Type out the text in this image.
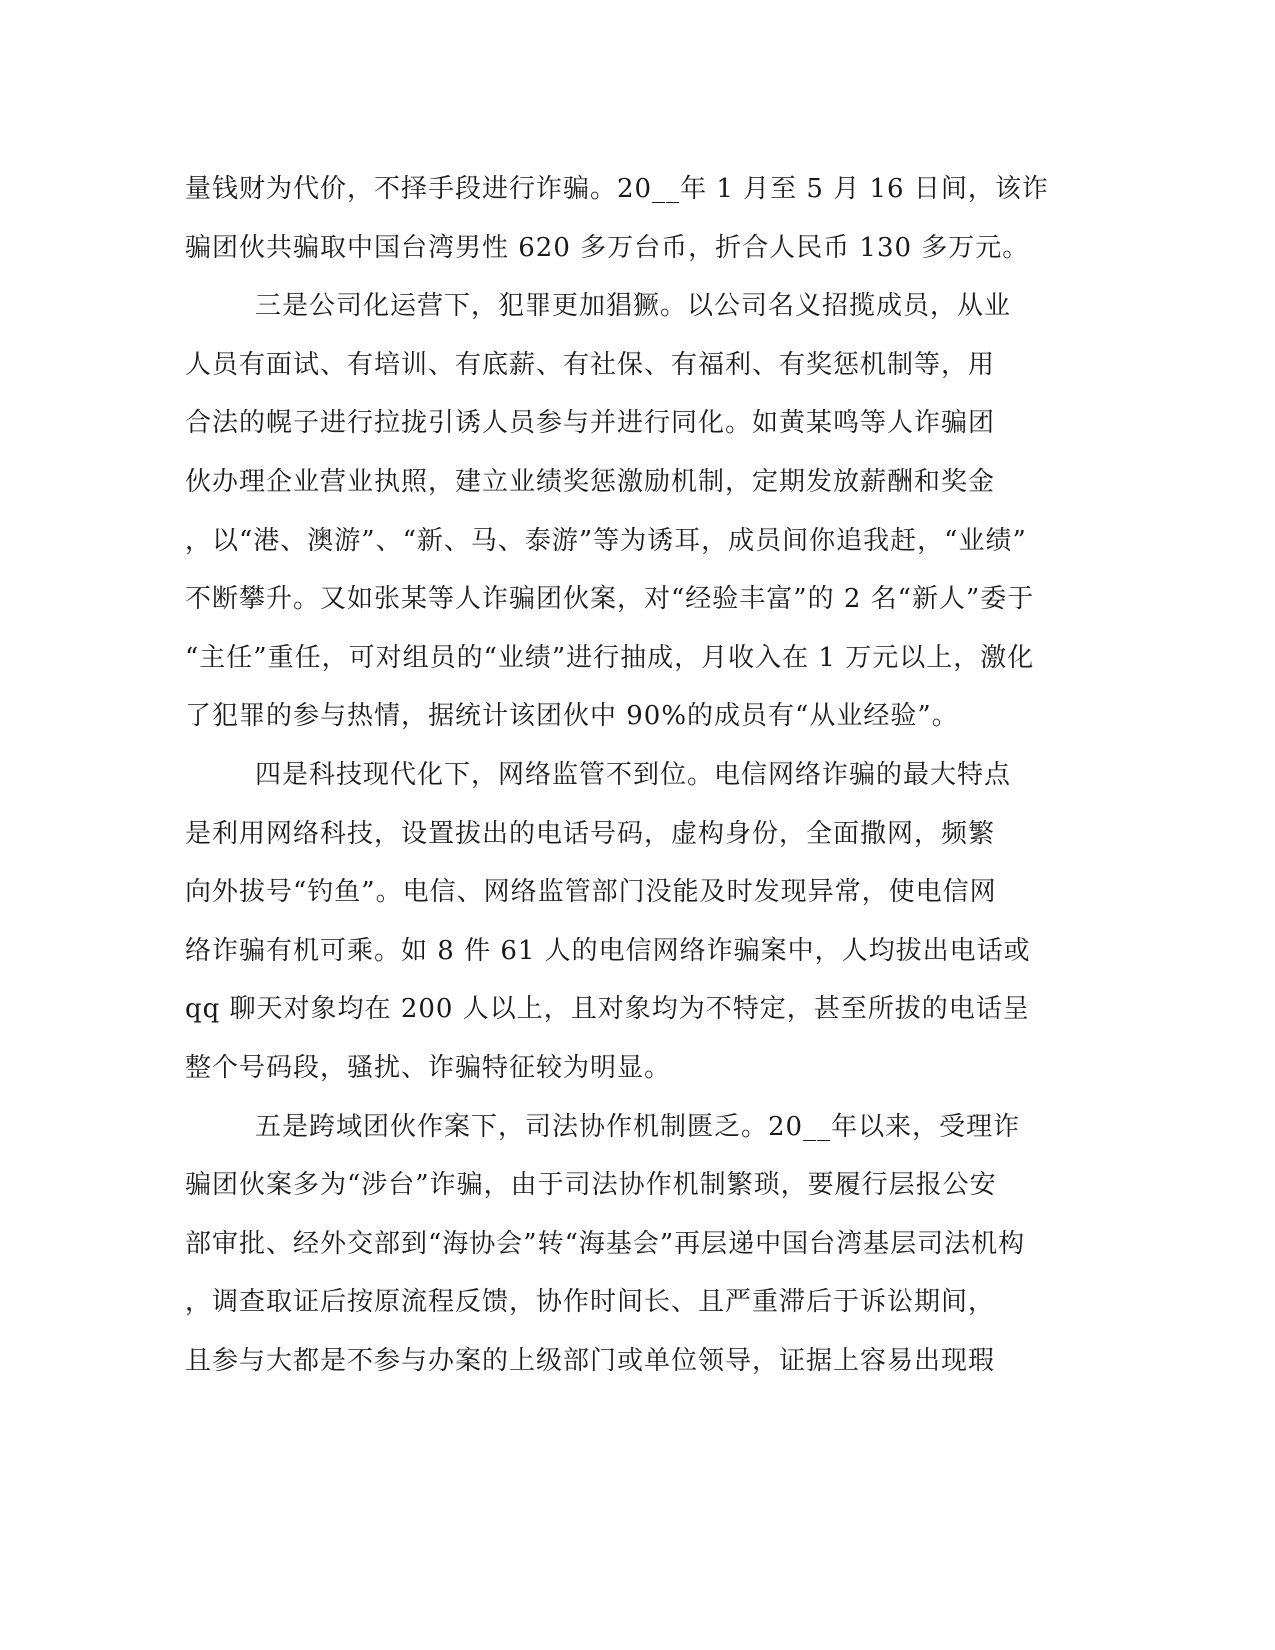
量钱财为代价，不择手段进行诈骗。20__年 1 月至 5 月 16 日间，该诈
骗团伙共骗取中国台湾男性 620 多万台币，折合人民币 130 多万元。
三是公司化运营下，犯罪更加猖獗。以公司名义招揽成员，从业
人员有面试、有培训、有底薪、有社保、有福利、有奖惩机制等，用
合法的幌子进行拉拢引诱人员参与并进行同化。如黄某鸣等人诈骗团
伙办理企业营业执照，建立业绩奖惩激励机制，定期发放薪酬和奖金
，以“港、澳游”、“新、马、泰游”等为诱耳，成员间你追我赶，“业绩”
不断攀升。又如张某等人诈骗团伙案，对“经验丰富”的 2 名“新人”委于
“主任”重任，可对组员的“业绩”进行抽成，月收入在 1 万元以上，激化
了犯罪的参与热情，据统计该团伙中 90%的成员有“从业经验”。
四是科技现代化下，网络监管不到位。电信网络诈骗的最大特点
是利用网络科技，设置拔出的电话号码，虚构身份，全面撒网，频繁
向外拔号“钓鱼”。电信、网络监管部门没能及时发现异常，使电信网
络诈骗有机可乘。如 8 件 61 人的电信网络诈骗案中，人均拔出电话或
qq 聊天对象均在 200 人以上，且对象均为不特定，甚至所拔的电话呈
整个号码段，骚扰、诈骗特征较为明显。
五是跨域团伙作案下，司法协作机制匮乏。20__年以来，受理诈
骗团伙案多为“涉台”诈骗，由于司法协作机制繁琐，要履行层报公安
部审批、经外交部到“海协会”转“海基会”再层递中国台湾基层司法机构
，调查取证后按原流程反馈，协作时间长、且严重滞后于诉讼期间，
且参与大都是不参与办案的上级部门或单位领导，证据上容易出现瑕
